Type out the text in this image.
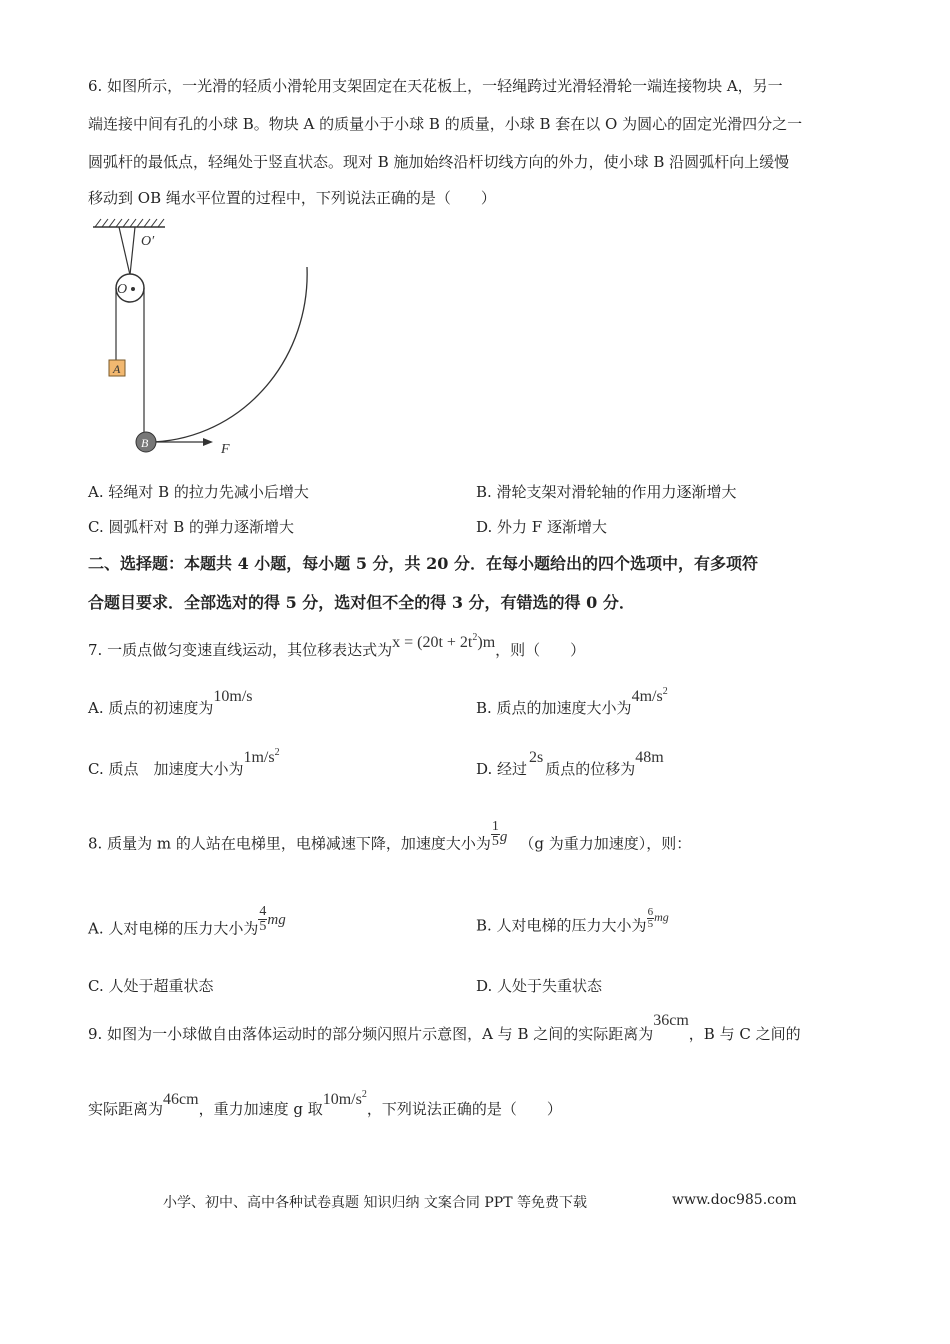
6. 如图所示，一光滑的轻质小滑轮用支架固定在天花板上，一轻绳跨过光滑轻滑轮一端连接物块 A，另一
端连接中间有孔的小球 B。物块 A 的质量小于小球 B 的质量，小球 B 套在以 O 为圆心的固定光滑四分之一
圆弧杆的最低点，轻绳处于竖直状态。现对 B 施加始终沿杆切线方向的外力，使小球 B 沿圆弧杆向上缓慢
移动到 OB 绳水平位置的过程中，下列说法正确的是（　　）
O′
O
A
B	F
A. 轻绳对 B 的拉力先减小后增大	B. 滑轮支架对滑轮轴的作用力逐渐增大
C. 圆弧杆对 B 的弹力逐渐增大	D. 外力 F 逐渐增大
二、选择题：本题共 4 小题，每小题 5 分，共 20 分．在每小题给出的四个选项中，有多项符
合题目要求．全部选对的得 5 分，选对但不全的得 3 分，有错选的得 0 分．
7. 一质点做匀变速直线运动，其位移表达式为$x = (20t + 2t^2)m$，则（　　）
A. 质点的初速度为10m/s
B. 质点的加速度大小为$4m/s^2$
C. 质点　加速度大小为$1m/s^2$
D. 经过2s质点的位移为48m
8. 质量为 m 的人站在电梯里，电梯减速下降，加速度大小为 $\frac{1}{5}$ g （g 为重力加速度），则：
A. 人对电梯的压力大小为 $\frac{4}{5}$ mg	B. 人对电梯的压力大小为 $\frac{6}{5} ^{mg}$
C. 人处于超重状态	D. 人处于失重状态
9. 如图为一小球做自由落体运动时的部分频闪照片示意图，A 与 B 之间的实际距离为36cm，B 与 C 之间的
实际距离为46cm，重力加速度 g 取$10m/s^2$，下列说法正确的是（　　）
小学、初中、高中各种试卷真题 知识归纳 文案合同 PPT 等免费下载	www.doc985.com
